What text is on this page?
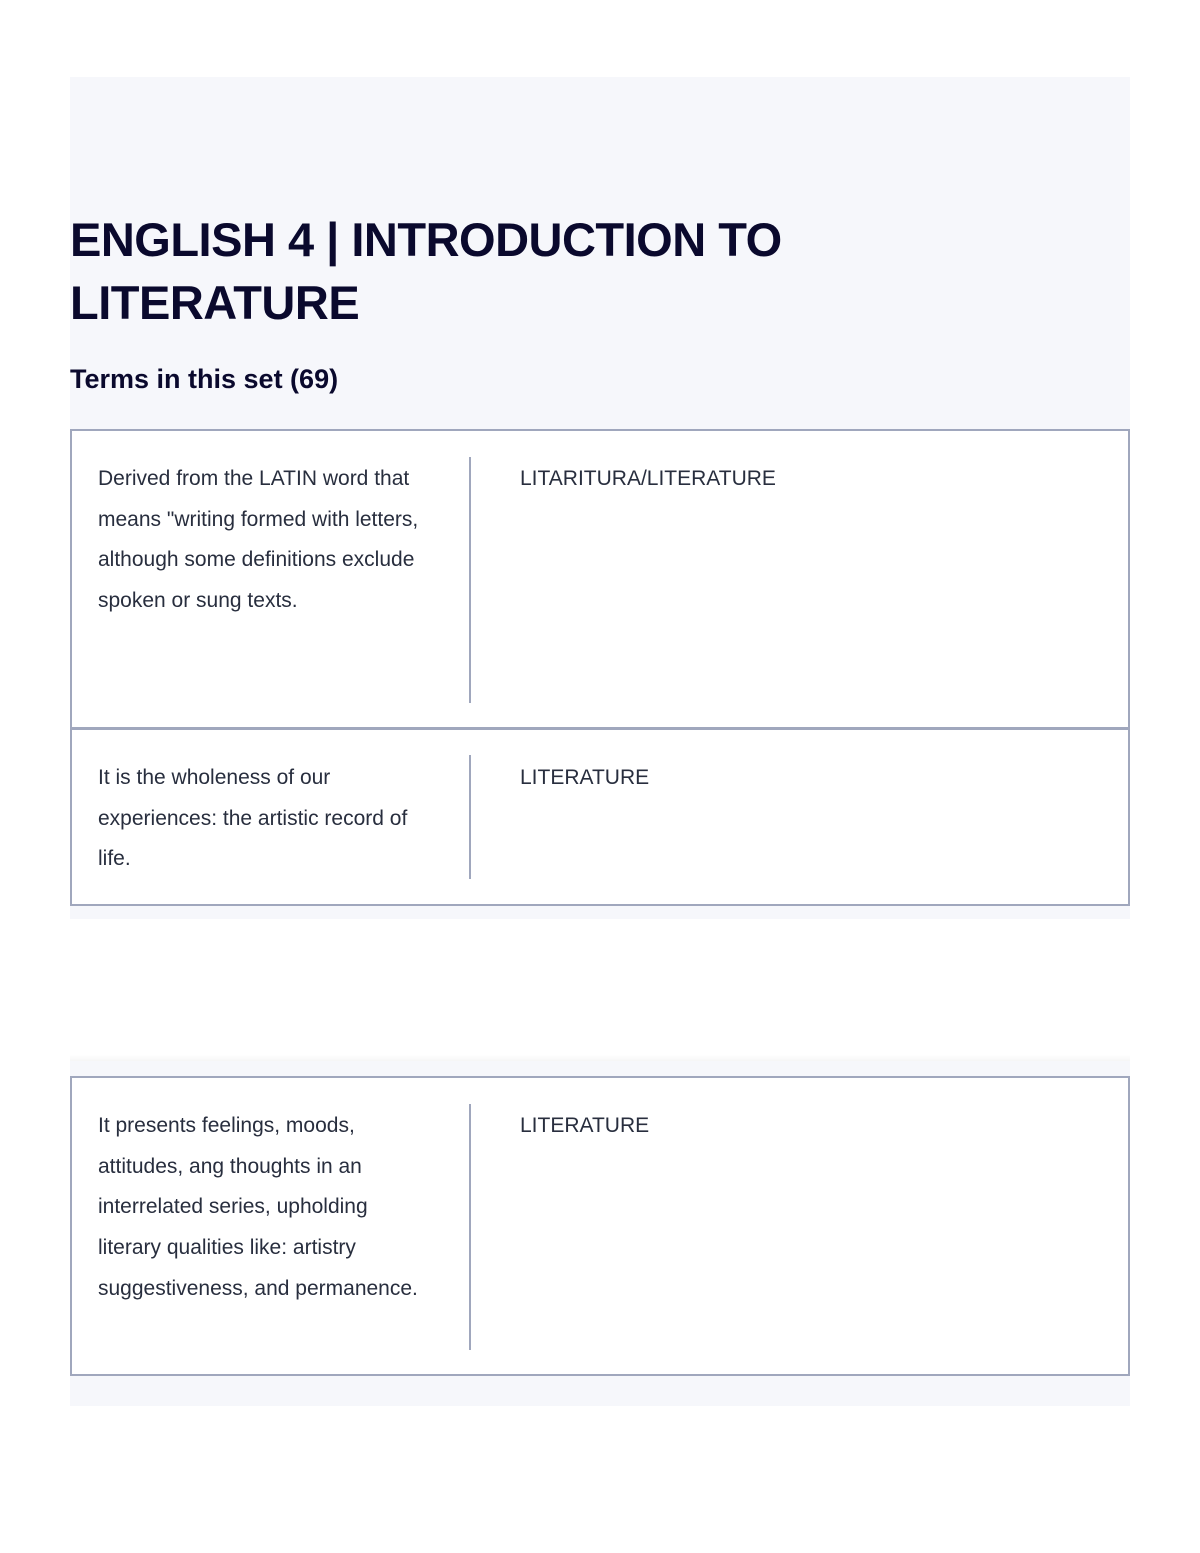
ENGLISH 4 | INTRODUCTION TO LITERATURE
Terms in this set (69)

Derived from the LATIN word that means "writing formed with letters, although some definitions exclude spoken or sung texts.

LITARITURA/LITERATURE

It is the wholeness of our experiences: the artistic record of life.

LITERATURE

It presents feelings, moods, attitudes, ang thoughts in an interrelated series, upholding literary qualities like: artistry suggestiveness, and permanence.

LITERATURE
